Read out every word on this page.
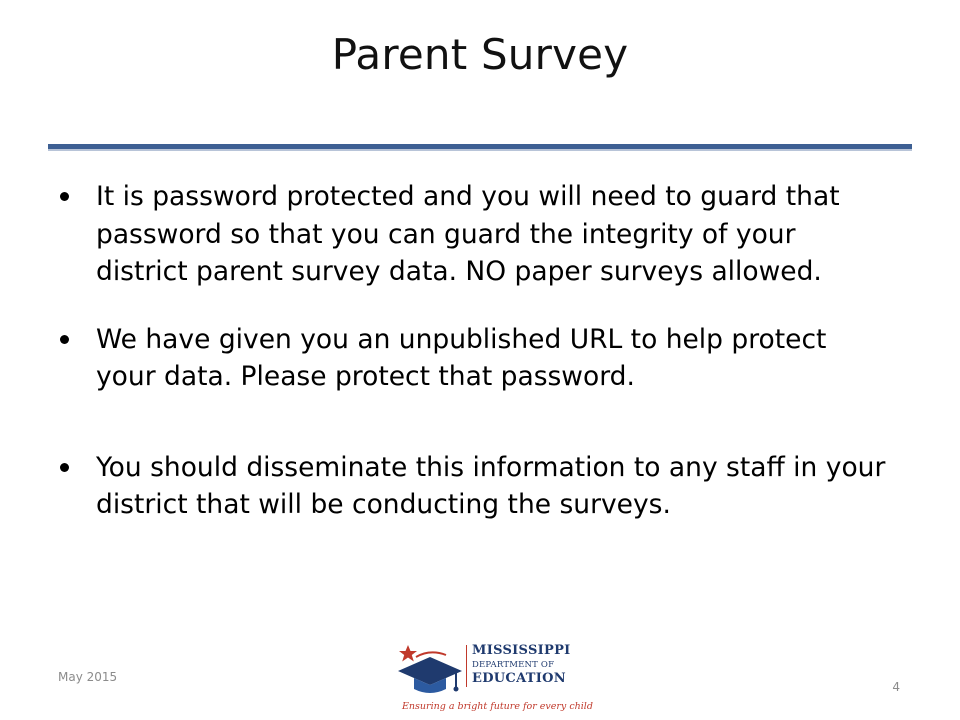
Parent Survey
It is password protected and you will need to guard that password so that you can guard the integrity of your district parent survey data. NO paper surveys allowed.
We have given you an unpublished URL to help protect your data. Please protect that password.
You should disseminate this information to any staff in your district that will be conducting the surveys.
May 2015
MISSISSIPPI
DEPARTMENT OF
EDUCATION
Ensuring a bright future for every child
4
